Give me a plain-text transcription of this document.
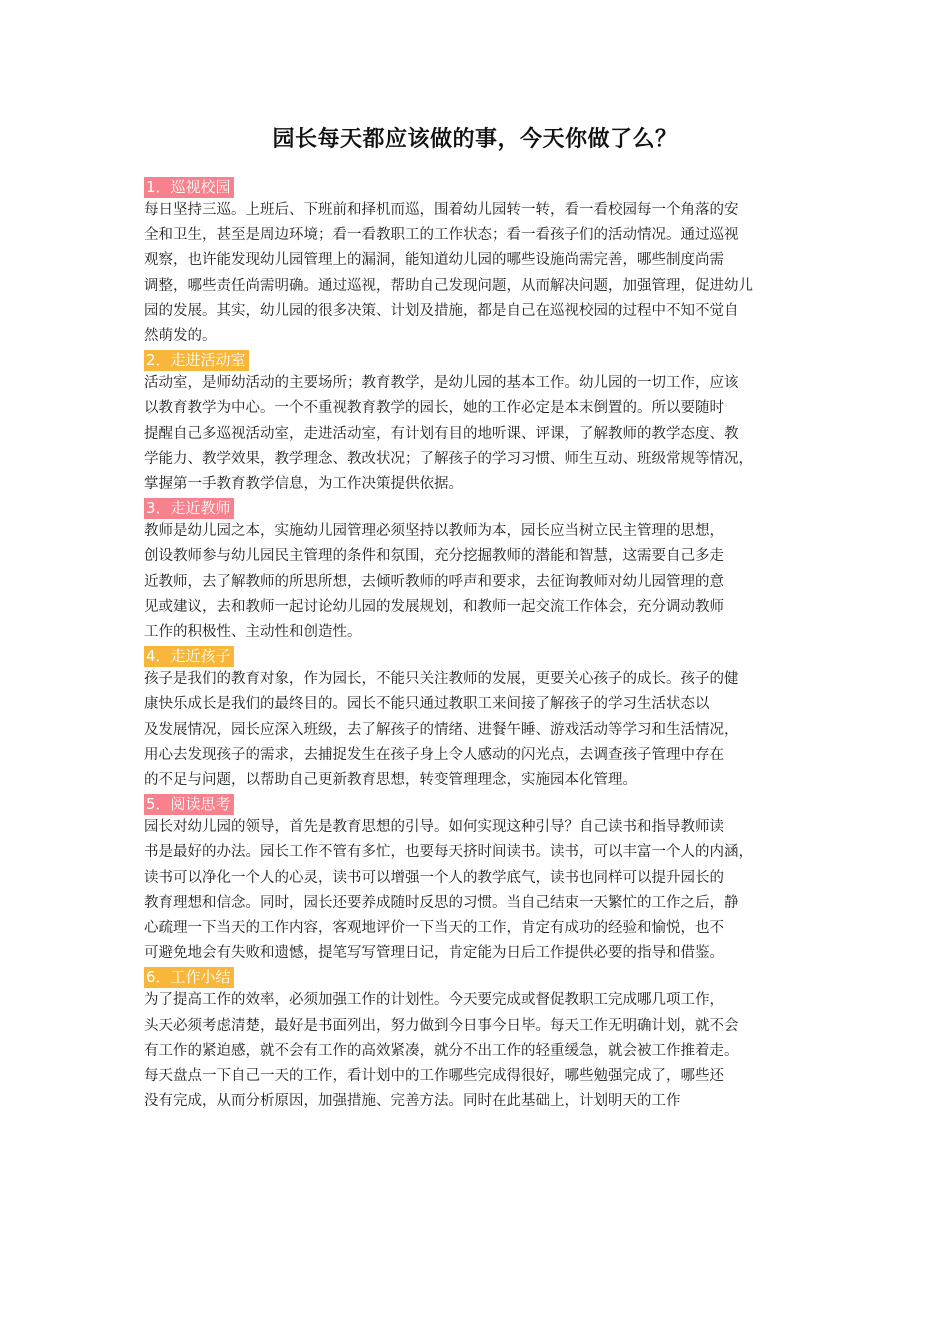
园长每天都应该做的事，今天你做了么？
1．巡视校园
每日坚持三巡。上班后、下班前和择机而巡，围着幼儿园转一转，看一看校园每一个角落的安
全和卫生，甚至是周边环境；看一看教职工的工作状态；看一看孩子们的活动情况。通过巡视
观察，也许能发现幼儿园管理上的漏洞，能知道幼儿园的哪些设施尚需完善，哪些制度尚需
调整，哪些责任尚需明确。通过巡视，帮助自己发现问题，从而解决问题，加强管理，促进幼儿
园的发展。其实，幼儿园的很多决策、计划及措施，都是自己在巡视校园的过程中不知不觉自
然萌发的。
2．走进活动室
活动室，是师幼活动的主要场所；教育教学，是幼儿园的基本工作。幼儿园的一切工作，应该
以教育教学为中心。一个不重视教育教学的园长，她的工作必定是本末倒置的。所以要随时
提醒自己多巡视活动室，走进活动室，有计划有目的地听课、评课，了解教师的教学态度、教
学能力、教学效果，教学理念、教改状况；了解孩子的学习习惯、师生互动、班级常规等情况，
掌握第一手教育教学信息，为工作决策提供依据。
3．走近教师
教师是幼儿园之本，实施幼儿园管理必须坚持以教师为本，园长应当树立民主管理的思想，
创设教师参与幼儿园民主管理的条件和氛围，充分挖掘教师的潜能和智慧，这需要自己多走
近教师，去了解教师的所思所想，去倾听教师的呼声和要求，去征询教师对幼儿园管理的意
见或建议，去和教师一起讨论幼儿园的发展规划，和教师一起交流工作体会，充分调动教师
工作的积极性、主动性和创造性。
4．走近孩子
孩子是我们的教育对象，作为园长，不能只关注教师的发展，更要关心孩子的成长。孩子的健
康快乐成长是我们的最终目的。园长不能只通过教职工来间接了解孩子的学习生活状态以
及发展情况，园长应深入班级，去了解孩子的情绪、进餐午睡、游戏活动等学习和生活情况，
用心去发现孩子的需求，去捕捉发生在孩子身上令人感动的闪光点，去调查孩子管理中存在
的不足与问题，以帮助自己更新教育思想，转变管理理念，实施园本化管理。
5．阅读思考
园长对幼儿园的领导，首先是教育思想的引导。如何实现这种引导？自己读书和指导教师读
书是最好的办法。园长工作不管有多忙，也要每天挤时间读书。读书，可以丰富一个人的内涵，
读书可以净化一个人的心灵，读书可以增强一个人的教学底气，读书也同样可以提升园长的
教育理想和信念。同时，园长还要养成随时反思的习惯。当自己结束一天繁忙的工作之后，静
心疏理一下当天的工作内容，客观地评价一下当天的工作，肯定有成功的经验和愉悦，也不
可避免地会有失败和遗憾，提笔写写管理日记，肯定能为日后工作提供必要的指导和借鉴。
6．工作小结
为了提高工作的效率，必须加强工作的计划性。今天要完成或督促教职工完成哪几项工作，
头天必须考虑清楚，最好是书面列出，努力做到今日事今日毕。每天工作无明确计划，就不会
有工作的紧迫感，就不会有工作的高效紧凑，就分不出工作的轻重缓急，就会被工作推着走。
每天盘点一下自己一天的工作，看计划中的工作哪些完成得很好，哪些勉强完成了，哪些还
没有完成，从而分析原因，加强措施、完善方法。同时在此基础上，计划明天的工作
